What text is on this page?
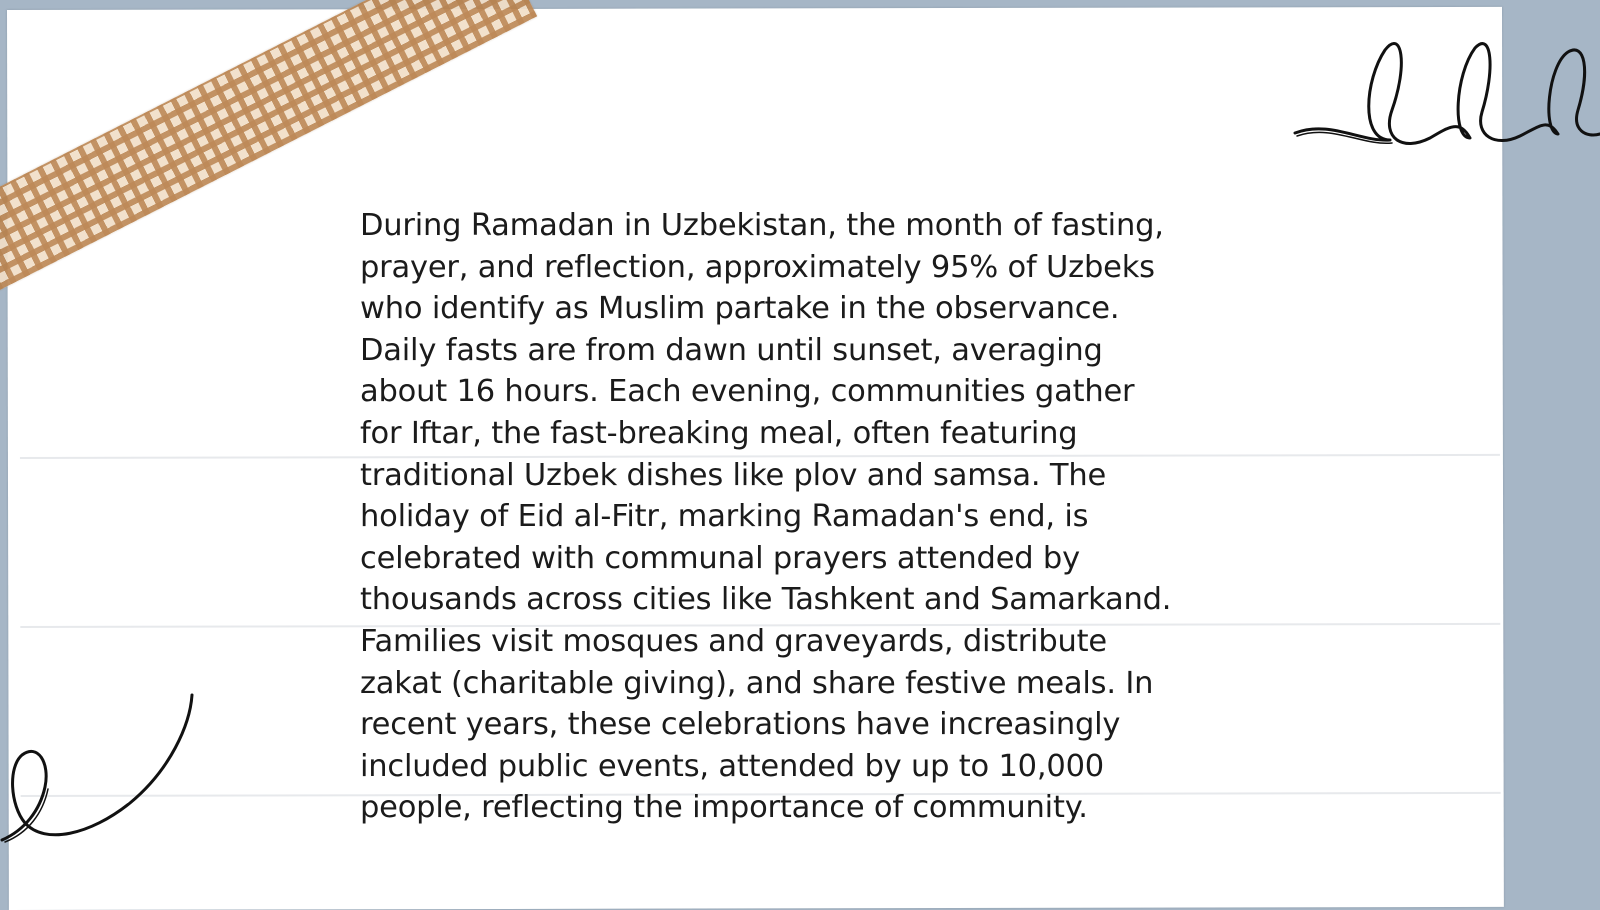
During Ramadan in Uzbekistan, the month of fasting,
prayer, and reflection, approximately 95% of Uzbeks
who identify as Muslim partake in the observance.
Daily fasts are from dawn until sunset, averaging
about 16 hours. Each evening, communities gather
for Iftar, the fast-breaking meal, often featuring
traditional Uzbek dishes like plov and samsa. The
holiday of Eid al-Fitr, marking Ramadan's end, is
celebrated with communal prayers attended by
thousands across cities like Tashkent and Samarkand.
Families visit mosques and graveyards, distribute
zakat (charitable giving), and share festive meals. In
recent years, these celebrations have increasingly
included public events, attended by up to 10,000
people, reflecting the importance of community.
